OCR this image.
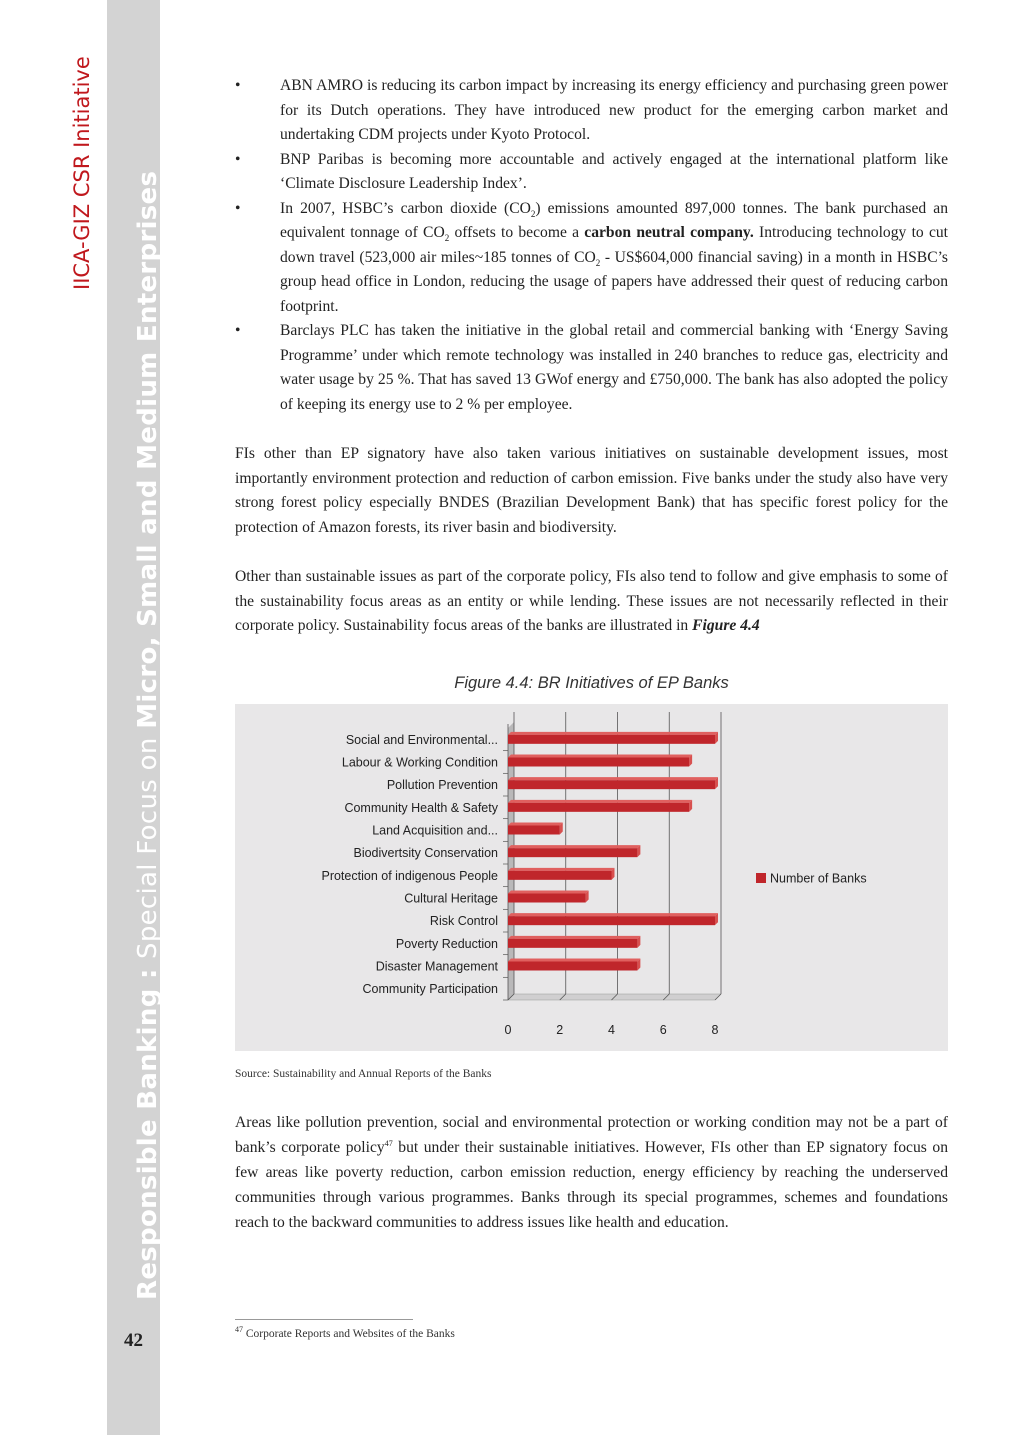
Responsible Banking : Special Focus on Micro, Small and Medium Enterprises
IICA-GIZ CSR Initiative
42
• ABN AMRO is reducing its carbon impact by increasing its energy efficiency and purchasing green power for its Dutch operations. They have introduced new product for the emerging carbon market and undertaking CDM projects under Kyoto Protocol.
• BNP Paribas is becoming more accountable and actively engaged at the international platform like ‘Climate Disclosure Leadership Index’.
• In 2007, HSBC’s carbon dioxide $(CO_2)$ emissions amounted 897,000 tonnes. The bank purchased an equivalent tonnage of $CO_2$ offsets to become a carbon neutral company. Introducing technology to cut down travel (523,000 air miles~185 tonnes of $CO_2$ - US$604,000 financial saving) in a month in HSBC’s group head office in London, reducing the usage of papers have addressed their quest of reducing carbon footprint.
• Barclays PLC has taken the initiative in the global retail and commercial banking with ‘Energy Saving Programme’ under which remote technology was installed in 240 branches to reduce gas, electricity and water usage by 25 %. That has saved 13 GWof energy and £750,000. The bank has also adopted the policy of keeping its energy use to 2 % per employee.

FIs other than EP signatory have also taken various initiatives on sustainable development issues, most importantly environment protection and reduction of carbon emission. Five banks under the study also have very strong forest policy especially BNDES (Brazilian Development Bank) that has specific forest policy for the protection of Amazon forests, its river basin and biodiversity.

Other than sustainable issues as part of the corporate policy, FIs also tend to follow and give emphasis to some of the sustainability focus areas as an entity or while lending. These issues are not necessarily reflected in their corporate policy. Sustainability focus areas of the banks are illustrated in Figure 4.4

Figure 4.4: BR Initiatives of EP Banks
0	2	4	6	8
Social and Environmental...
Labour & Working Condition
Pollution Prevention
Community Health & Safety
Land Acquisition and...
Biodivertsity Conservation
Protection of indigenous People
Cultural Heritage
Risk Control
Poverty Reduction
Disaster Management
Community Participation
Number of Banks
Source: Sustainability and Annual Reports of the Banks
Areas like pollution prevention, social and environmental protection or working condition may not be a part of bank’s corporate policy$^{47}$ but under their sustainable initiatives. However, FIs other than EP signatory focus on few areas like poverty reduction, carbon emission reduction, energy efficiency by reaching the underserved communities through various programmes. Banks through its special programmes, schemes and foundations reach to the backward communities to address issues like health and education.
$^{47}$ Corporate Reports and Websites of the Banks
